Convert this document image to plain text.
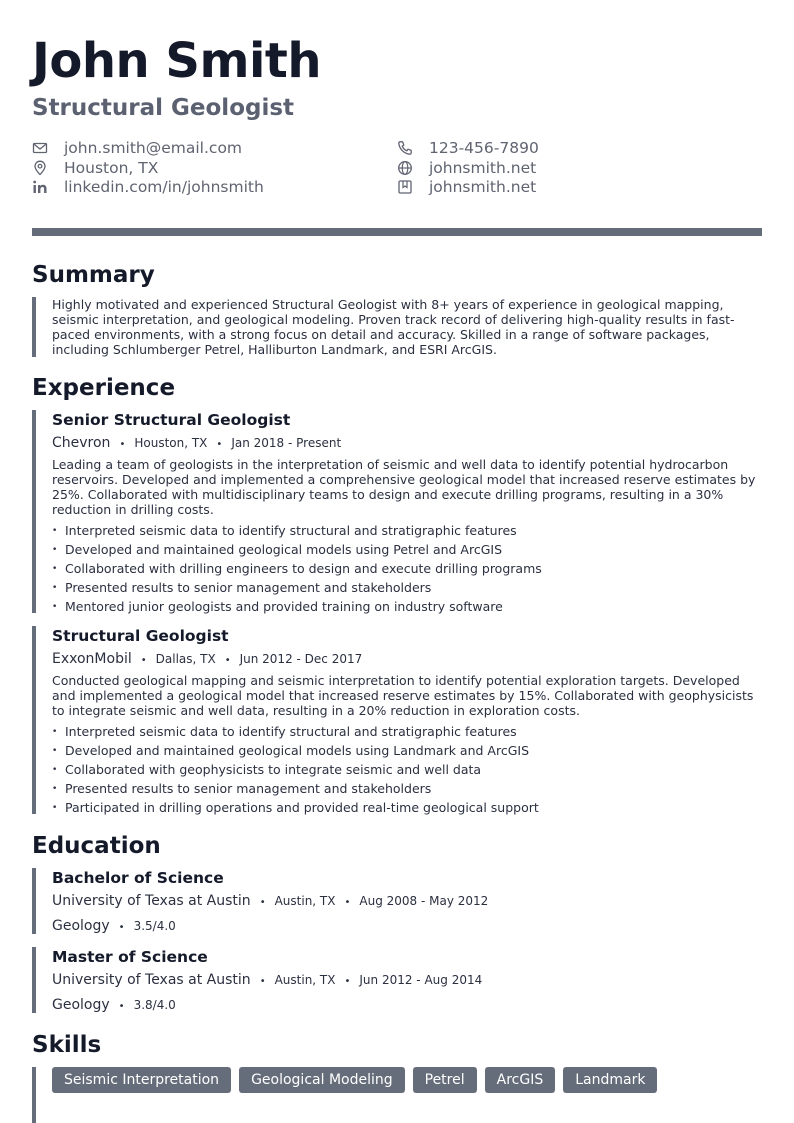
John Smith
Structural Geologist
john.smith@email.com
Houston, TX
linkedin.com/in/johnsmith
123-456-7890
johnsmith.net
johnsmith.net
Summary
Highly motivated and experienced Structural Geologist with 8+ years of experience in geological mapping, seismic interpretation, and geological modeling. Proven track record of delivering high-quality results in fast-paced environments, with a strong focus on detail and accuracy. Skilled in a range of software packages, including Schlumberger Petrel, Halliburton Landmark, and ESRI ArcGIS.
Experience
Senior Structural Geologist
Chevron • Houston, TX • Jan 2018 - Present
Leading a team of geologists in the interpretation of seismic and well data to identify potential hydrocarbon reservoirs. Developed and implemented a comprehensive geological model that increased reserve estimates by 25%. Collaborated with multidisciplinary teams to design and execute drilling programs, resulting in a 30% reduction in drilling costs.
• Interpreted seismic data to identify structural and stratigraphic features
• Developed and maintained geological models using Petrel and ArcGIS
• Collaborated with drilling engineers to design and execute drilling programs
• Presented results to senior management and stakeholders
• Mentored junior geologists and provided training on industry software
Structural Geologist
ExxonMobil • Dallas, TX • Jun 2012 - Dec 2017
Conducted geological mapping and seismic interpretation to identify potential exploration targets. Developed and implemented a geological model that increased reserve estimates by 15%. Collaborated with geophysicists to integrate seismic and well data, resulting in a 20% reduction in exploration costs.
• Interpreted seismic data to identify structural and stratigraphic features
• Developed and maintained geological models using Landmark and ArcGIS
• Collaborated with geophysicists to integrate seismic and well data
• Presented results to senior management and stakeholders
• Participated in drilling operations and provided real-time geological support
Education
Bachelor of Science
University of Texas at Austin • Austin, TX • Aug 2008 - May 2012
Geology • 3.5/4.0
Master of Science
University of Texas at Austin • Austin, TX • Jun 2012 - Aug 2014
Geology • 3.8/4.0
Skills
Seismic Interpretation	Geological Modeling	Petrel	ArcGIS	Landmark
